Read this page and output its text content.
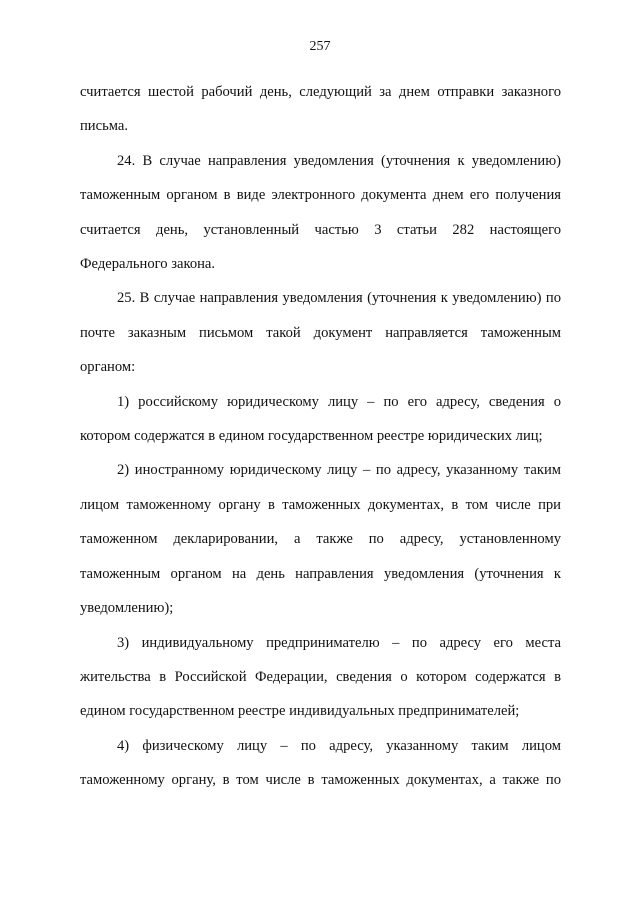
257

считается шестой рабочий день, следующий за днем отправки заказного письма.

24. В случае направления уведомления (уточнения к уведомлению) таможенным органом в виде электронного документа днем его получения считается день, установленный частью 3 статьи 282 настоящего Федерального закона.

25. В случае направления уведомления (уточнения к уведомлению) по почте заказным письмом такой документ направляется таможенным органом:

1) российскому юридическому лицу – по его адресу, сведения о котором содержатся в едином государственном реестре юридических лиц;

2) иностранному юридическому лицу – по адресу, указанному таким лицом таможенному органу в таможенных документах, в том числе при таможенном декларировании, а также по адресу, установленному таможенным органом на день направления уведомления (уточнения к уведомлению);

3) индивидуальному предпринимателю – по адресу его места жительства в Российской Федерации, сведения о котором содержатся в едином государственном реестре индивидуальных предпринимателей;

4) физическому лицу – по адресу, указанному таким лицом таможенному органу, в том числе в таможенных документах, а также по
